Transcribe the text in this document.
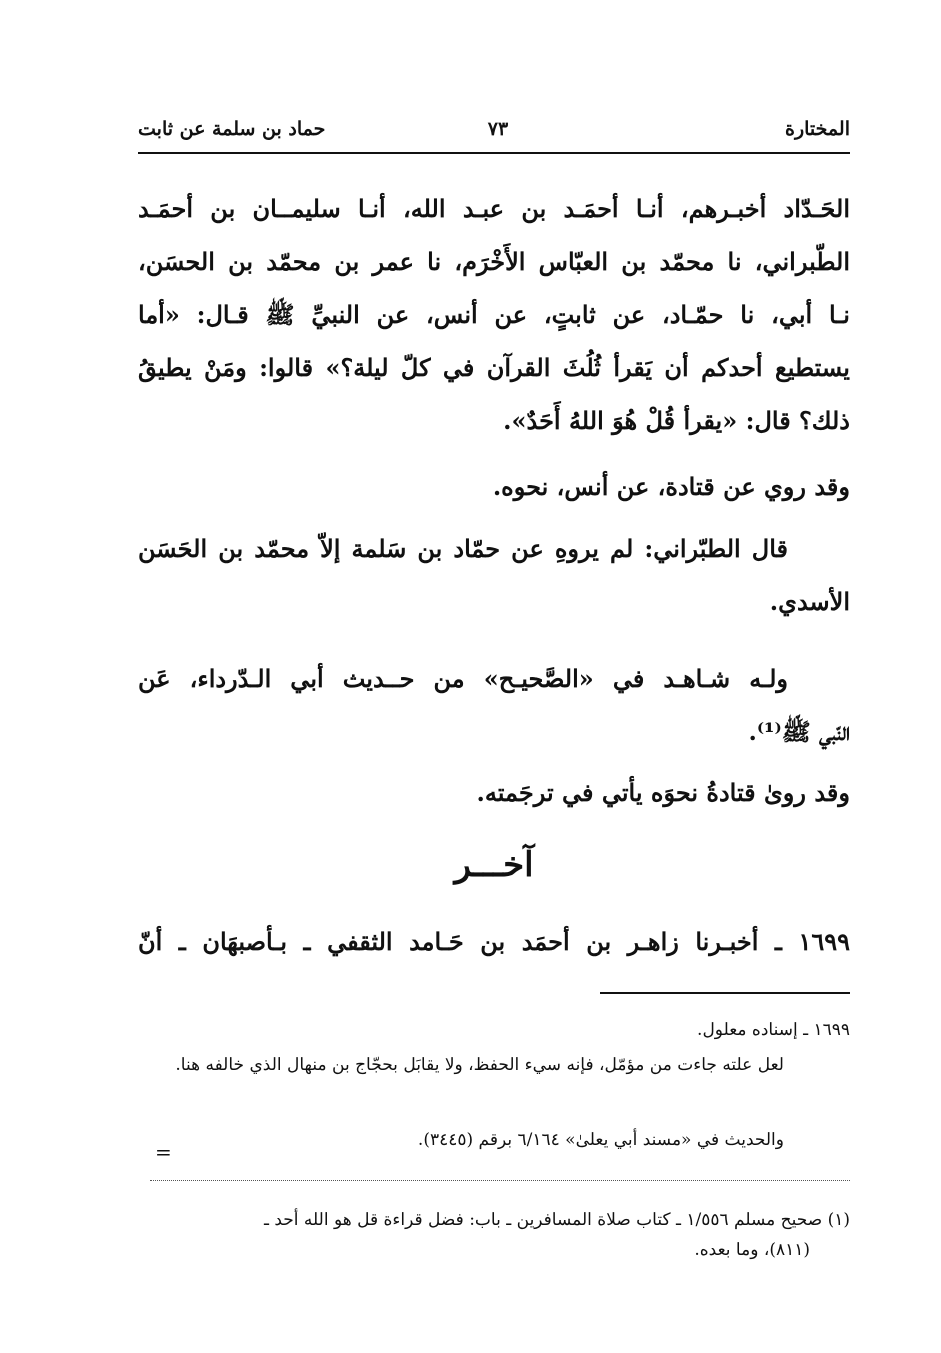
المختارة
٧٣
حماد بن سلمة عن ثابت
الحَـدّاد أخبـرهم، أنـا أحمَـد بن عبـد الله، أنـا سليمــان بن أحمَـد
الطّبراني، نا محمّد بن العبّاس الأَخْرَم، نا عمر بن محمّد بن الحسَن،
نـا أبي، نا حمّـاد، عن ثابتٍ، عن أنس، عن النبيِّ ﷺ قـال: «أما
يستطيع أحدكم أن يَقرأ ثُلُثَ القرآن في كلّ ليلة؟» قالوا: ومَنْ يطيقُ
ذلك؟ قال: «يقرأ قُلْ هُوَ اللهُ أَحَدٌ».
وقد روي عن قتادة، عن أنس، نحوه.
قال الطبّراني: لم يروهِ عن حمّاد بن سَلمة إلاّ محمّد بن الحَسَن
الأسدي.
ولـه شـاهـد في «الصَّحيـح» من حــديث أبي الـدّرداء، عَن
النّبي ﷺ⁽¹⁾.
وقد روىٰ قتادةُ نحوَه يأتي في ترجَمته.
آخـــر
١٦٩٩ ـ أخبـرنا زاهـر بن أحمَد بن حَـامد الثقفي ـ بـأصبهَان ـ أنّ
١٦٩٩ ـ إسناده معلول.
لعل علته جاءت من مؤمّل، فإنه سيء الحفظ، ولا يقابَل بحجّاج بن منهال الذي خالفه هنا.
والحديث في «مسند أبي يعلىٰ» ٦/١٦٤ برقم (٣٤٤٥).
=
(١) صحيح مسلم ١/٥٥٦ ـ كتاب صلاة المسافرين ـ باب: فضل قراءة قل هو الله أحد ـ
(٨١١)، وما بعده.
